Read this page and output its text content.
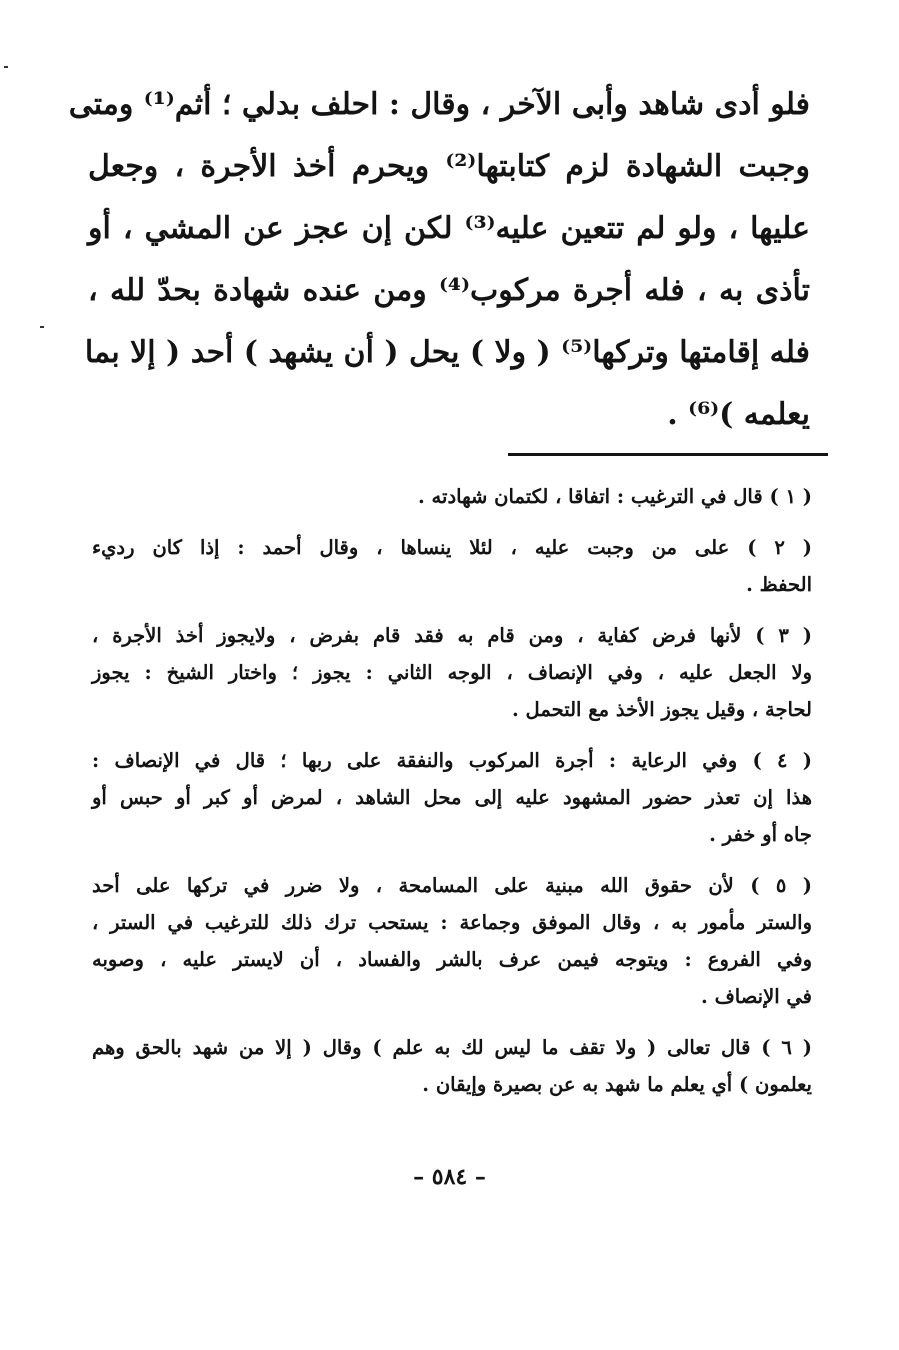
فلو أدى شاهد وأبى الآخر ، وقال : احلف بدلي ؛ أثم⁽¹⁾ ومتى
وجبت الشهادة لزم كتابتها⁽²⁾ ويحرم أخذ الأجرة ، وجعل
عليها ، ولو لم تتعين عليه⁽³⁾ لكن إن عجز عن المشي ، أو
تأذى به ، فله أجرة مركوب⁽⁴⁾ ومن عنده شهادة بحدّ لله ،
فله إقامتها وتركها⁽⁵⁾ ( ولا ) يحل ( أن يشهد ) أحد ( إلا بما
يعلمه )⁽⁶⁾ .
( ١ ) قال في الترغيب : اتفاقا ، لكتمان شهادته .
( ٢ ) على من وجبت عليه ، لئلا ينساها ، وقال أحمد : إذا كان رديء
الحفظ .
( ٣ ) لأنها فرض كفاية ، ومن قام به فقد قام بفرض ، ولايجوز أخذ الأجرة ،
ولا الجعل عليه ، وفي الإنصاف ، الوجه الثاني : يجوز ؛ واختار الشيخ : يجوز
لحاجة ، وقيل يجوز الأخذ مع التحمل .
( ٤ ) وفي الرعاية : أجرة المركوب والنفقة على ربها ؛ قال في الإنصاف :
هذا إن تعذر حضور المشهود عليه إلى محل الشاهد ، لمرض أو كبر أو حبس أو
جاه أو خفر .
( ٥ ) لأن حقوق الله مبنية على المسامحة ، ولا ضرر في تركها على أحد
والستر مأمور به ، وقال الموفق وجماعة : يستحب ترك ذلك للترغيب في الستر ،
وفي الفروع : ويتوجه فيمن عرف بالشر والفساد ، أن لايستر عليه ، وصوبه
في الإنصاف .
( ٦ ) قال تعالى ( ولا تقف ما ليس لك به علم ) وقال ( إلا من شهد بالحق وهم
يعلمون ) أي يعلم ما شهد به عن بصيرة وإيقان .
– ٥٨٤ –
